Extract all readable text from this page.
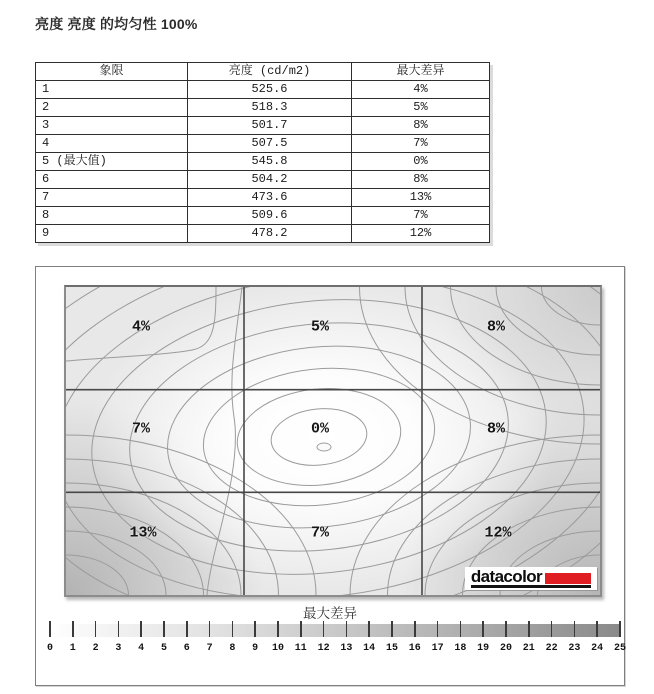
亮度 亮度 的均匀性 100%
象限	亮度 (cd/m2)	最大差异
1	525.6	4%
2	518.3	5%
3	501.7	8%
4	507.5	7%
5 (最大值)	545.8	0%
6	504.2	8%
7	473.6	13%
8	509.6	7%
9	478.2	12%
4%	5%	8%
7%	0%	8%
13%	7%	12%
datacolor
最大差异
0 1 2 3 4 5 6 7 8 9 10 11 12 13 14 15 16 17 18 19 20 21 22 23 24 25
